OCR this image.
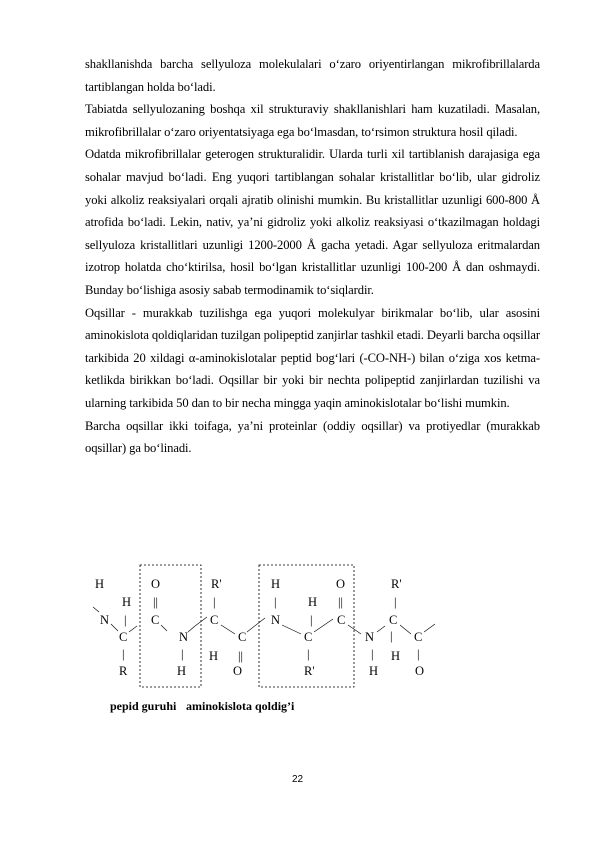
shakllanishda barcha sellyuloza molekulalari o‘zaro oriyentirlangan mikrofibrillalarda tartiblangan holda bo‘ladi.

Tabiatda sellyulozaning boshqa xil strukturaviy shakllanishlari ham kuzatiladi. Masalan, mikrofibrillalar o‘zaro oriyentatsiyaga ega bo‘lmasdan, to‘rsimon struktura hosil qiladi.

Odatda mikrofibrillalar geterogen strukturalidir. Ularda turli xil tartiblanish darajasiga ega sohalar mavjud bo‘ladi. Eng yuqori tartiblangan sohalar kristallitlar bo‘lib, ular gidroliz yoki alkoliz reaksiyalari orqali ajratib olinishi mumkin. Bu kristallitlar uzunligi 600-800 Å atrofida bo‘ladi. Lekin, nativ, ya’ni gidroliz yoki alkoliz reaksiyasi o‘tkazilmagan holdagi sellyuloza kristallitlari uzunligi 1200-2000 Å gacha yetadi. Agar sellyuloza eritmalardan izotrop holatda cho‘ktirilsa, hosil bo‘lgan kristallitlar uzunligi 100-200 Å dan oshmaydi. Bunday bo‘lishiga asosiy sabab termodinamik to‘siqlardir.

Oqsillar - murakkab tuzilishga ega yuqori molekulyar birikmalar bo‘lib, ular asosini aminokislota qoldiqlaridan tuzilgan polipeptid zanjirlar tashkil etadi. Deyarli barcha oqsillar tarkibida 20 xildagi α-aminokislotalar peptid bog‘lari (-CO-NH-) bilan o‘ziga xos ketma-ketlikda birikkan bo‘ladi. Oqsillar bir yoki bir nechta polipeptid zanjirlardan tuzilishi va ularning tarkibida 50 dan to bir necha mingga yaqin aminokislotalar bo‘lishi mumkin.

Barcha oqsillar ikki toifaga, ya’ni proteinlar (oddiy oqsillar) va protiyedlar (murakkab oqsillar) ga bo‘linadi.

H
H
N
C
R
O
C
N
H
R'
C
H
C
O
H
N
H
C
R'
O
C
N
H
R'
C
C
H
O
|
|
||
|
|
||
|	||
|
|
|
|
|	|
pepid guruhi aminokislota qoldig’i
22
